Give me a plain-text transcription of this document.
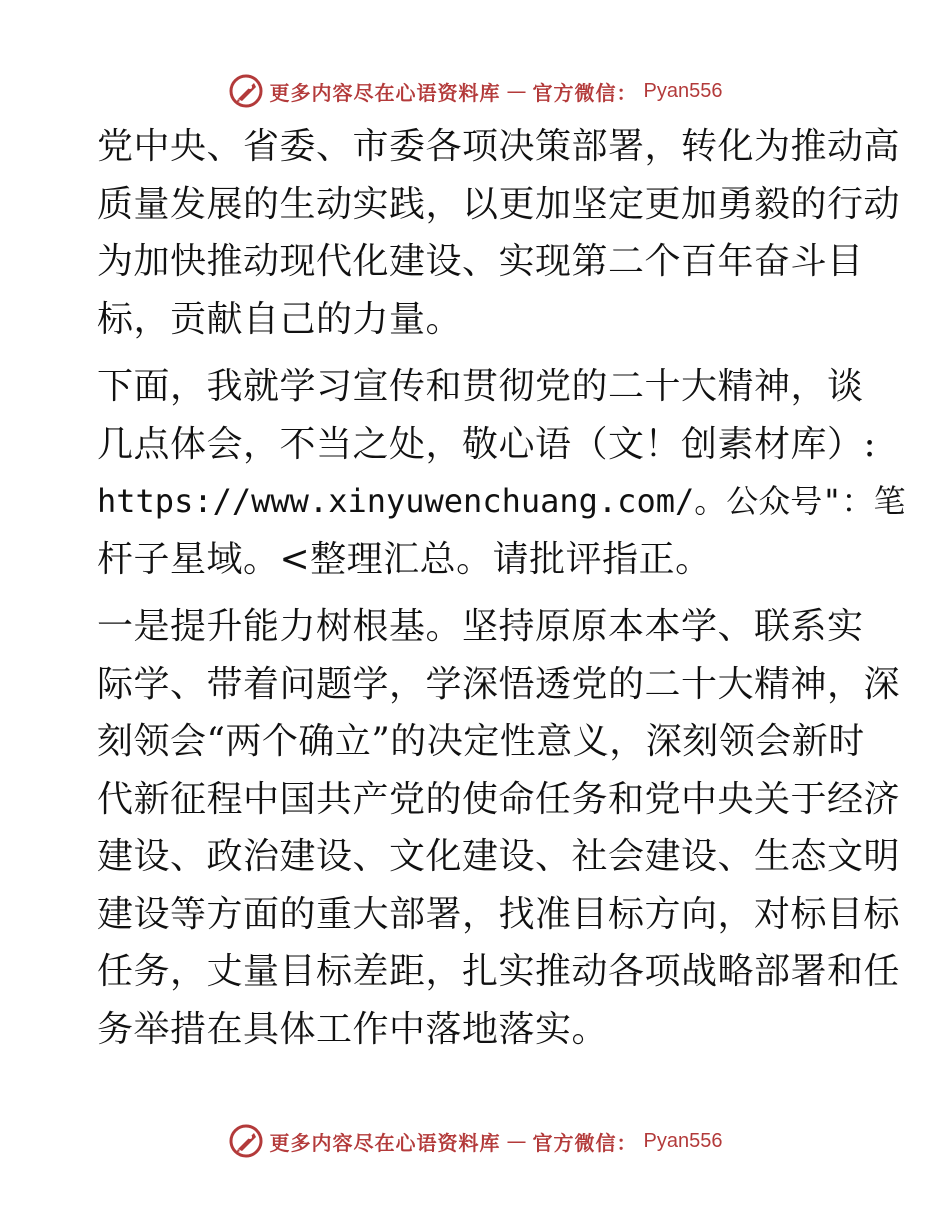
更多内容尽在心语资料库 — 官方微信： Pyan556
党中央、省委、市委各项决策部署，转化为推动高
质量发展的生动实践，以更加坚定更加勇毅的行动
为加快推动现代化建设、实现第二个百年奋斗目
标，贡献自己的力量。
下面，我就学习宣传和贯彻党的二十大精神，谈
几点体会，不当之处，敬心语（文！创素材库）:
https://www.xinyuwenchuang.com/。公众号"：笔
杆子星域。<整理汇总。请批评指正。
一是提升能力树根基。坚持原原本本学、联系实
际学、带着问题学，学深悟透党的二十大精神，深
刻领会“两个确立”的决定性意义，深刻领会新时
代新征程中国共产党的使命任务和党中央关于经济
建设、政治建设、文化建设、社会建设、生态文明
建设等方面的重大部署，找准目标方向，对标目标
任务，丈量目标差距，扎实推动各项战略部署和任
务举措在具体工作中落地落实。
更多内容尽在心语资料库 — 官方微信： Pyan556
